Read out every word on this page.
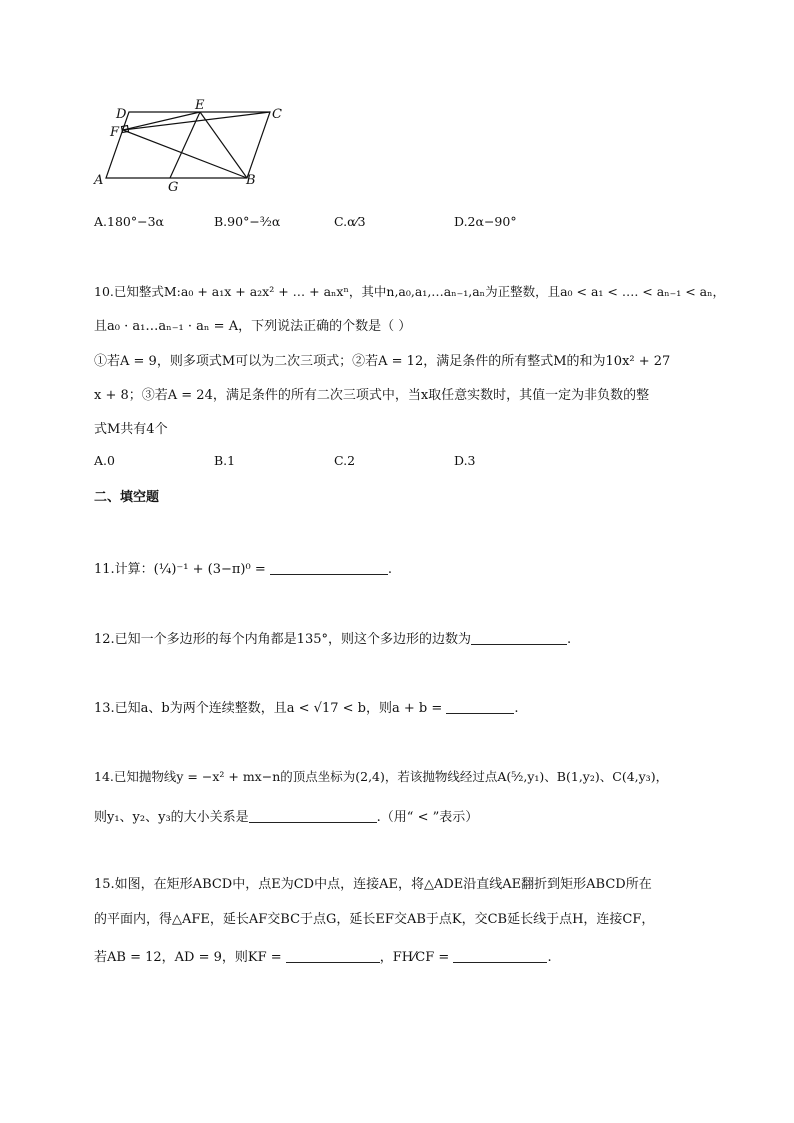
D
E
C
F
A	G	B
A.180°−3α	B.90°−³⁄₂α	C.α⁄3	D.2α−90°
10.已知整式M:a₀ + a₁x + a₂x² + … + aₙxⁿ，其中n,a₀,a₁,…aₙ₋₁,aₙ为正整数，且a₀ < a₁ < …. < aₙ₋₁ < aₙ，
且a₀ · a₁…aₙ₋₁ · aₙ = A，下列说法正确的个数是（ ）
①若A = 9，则多项式M可以为二次三项式；②若A = 12，满足条件的所有整式M的和为10x² + 27
x + 8；③若A = 24，满足条件的所有二次三项式中，当x取任意实数时，其值一定为非负数的整
式M共有4个
A.0	B.1	C.2	D.3
二、填空题
11.计算：(¼)⁻¹ + (3−π)⁰ =	.
12.已知一个多边形的每个内角都是135°，则这个多边形的边数为	.
13.已知a、b为两个连续整数，且a < √17 < b，则a + b =	.
14.已知抛物线y = −x² + mx−n的顶点坐标为(2,4)，若该抛物线经过点A(⁵⁄₂,y₁)、B(1,y₂)、C(4,y₃)，
则y₁、y₂、y₃的大小关系是	.（用“ < ”表示）
15.如图，在矩形ABCD中，点E为CD中点，连接AE，将△ADE沿直线AE翻折到矩形ABCD所在
的平面内，得△AFE，延长AF交BC于点G，延长EF交AB于点K，交CB延长线于点H，连接CF，
若AB = 12，AD = 9，则KF =	，FH⁄CF =	.
